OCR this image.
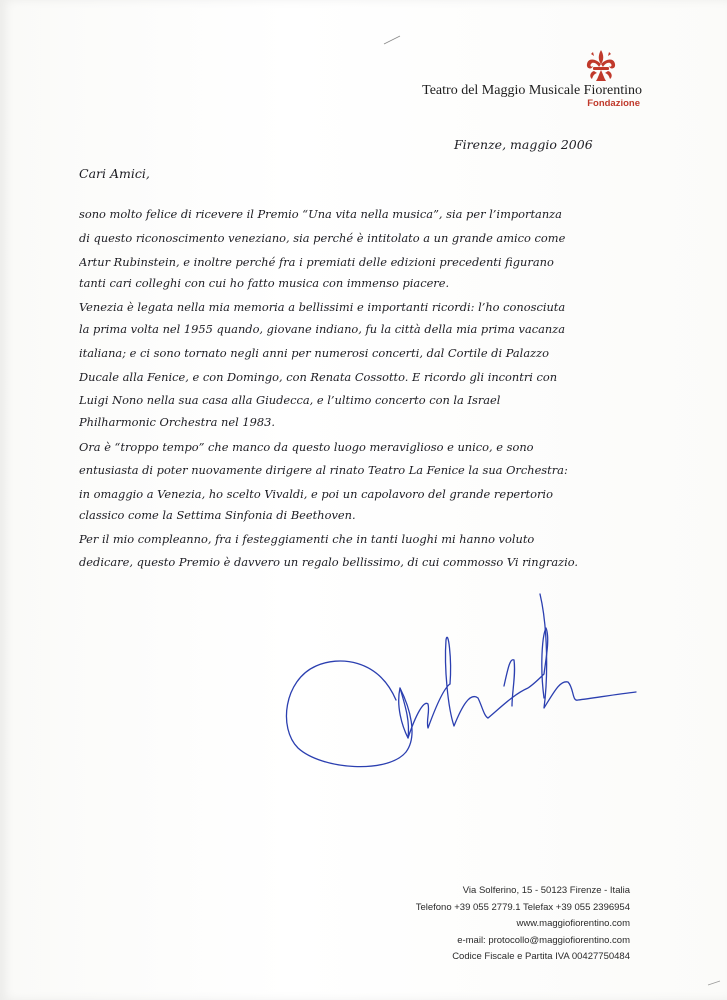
Teatro del Maggio Musicale Fiorentino
Fondazione
Firenze, maggio 2006
Cari Amici,
sono molto felice di ricevere il Premio “Una vita nella musica”, sia per l’importanza
di questo riconoscimento veneziano, sia perché è intitolato a un grande amico come
Artur Rubinstein, e inoltre perché fra i premiati delle edizioni precedenti figurano
tanti cari colleghi con cui ho fatto musica con immenso piacere.
Venezia è legata nella mia memoria a bellissimi e importanti ricordi: l’ho conosciuta
la prima volta nel 1955 quando, giovane indiano, fu la città della mia prima vacanza
italiana; e ci sono tornato negli anni per numerosi concerti, dal Cortile di Palazzo
Ducale alla Fenice, e con Domingo, con Renata Cossotto. E ricordo gli incontri con
Luigi Nono nella sua casa alla Giudecca, e l’ultimo concerto con la Israel
Philharmonic Orchestra nel 1983.
Ora è “troppo tempo” che manco da questo luogo meraviglioso e unico, e sono
entusiasta di poter nuovamente dirigere al rinato Teatro La Fenice la sua Orchestra:
in omaggio a Venezia, ho scelto Vivaldi, e poi un capolavoro del grande repertorio
classico come la Settima Sinfonia di Beethoven.
Per il mio compleanno, fra i festeggiamenti che in tanti luoghi mi hanno voluto
dedicare, questo Premio è davvero un regalo bellissimo, di cui commosso Vi ringrazio.
Via Solferino, 15 - 50123 Firenze - Italia
Telefono +39 055 2779.1 Telefax +39 055 2396954
www.maggiofiorentino.com
e-mail: protocollo@maggiofiorentino.com
Codice Fiscale e Partita IVA 00427750484
